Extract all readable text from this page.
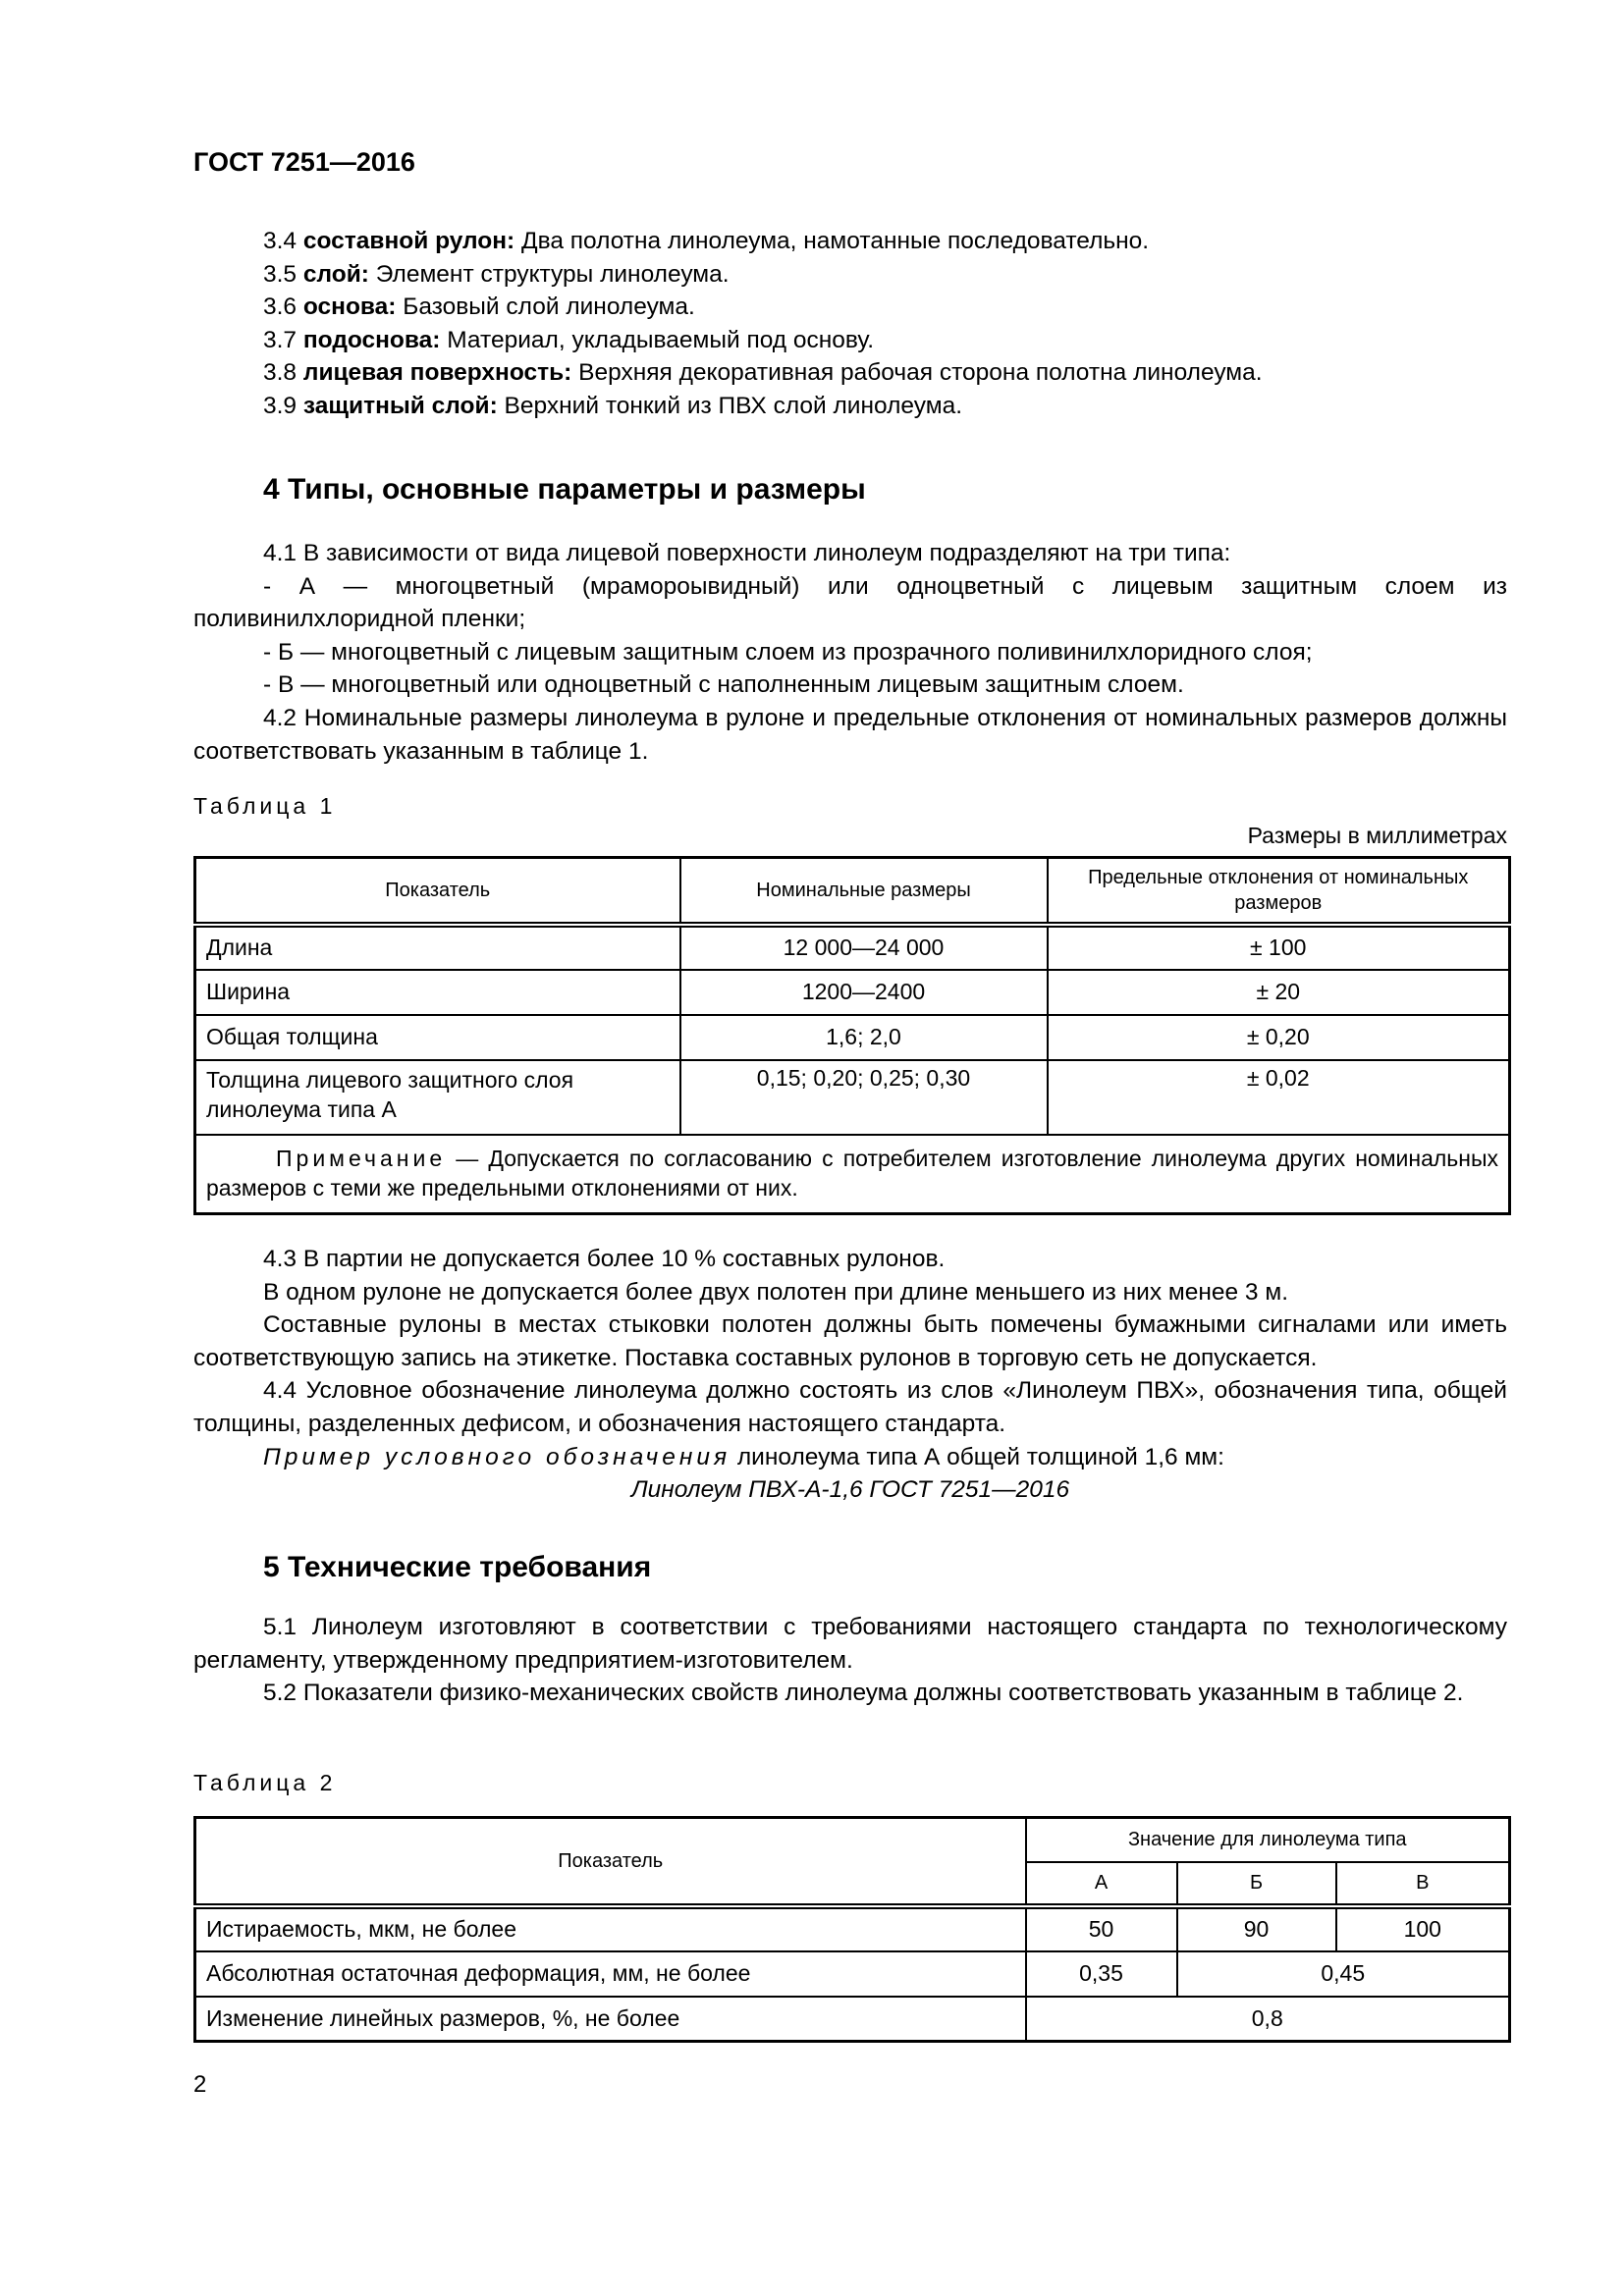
ГОСТ 7251—2016

3.4 составной рулон: Два полотна линолеума, намотанные последовательно.

3.5 слой: Элемент структуры линолеума.

3.6 основа: Базовый слой линолеума.

3.7 подоснова: Материал, укладываемый под основу.

3.8 лицевая поверхность: Верхняя декоративная рабочая сторона полотна линолеума.

3.9 защитный слой: Верхний тонкий из ПВХ слой линолеума.

4 Типы, основные параметры и размеры

4.1 В зависимости от вида лицевой поверхности линолеум подразделяют на три типа:

- А — многоцветный (мрамороывидный) или одноцветный с лицевым защитным слоем из поливинилхлоридной пленки;

- Б — многоцветный с лицевым защитным слоем из прозрачного поливинилхлоридного слоя;

- В — многоцветный или одноцветный с наполненным лицевым защитным слоем.

4.2 Номинальные размеры линолеума в рулоне и предельные отклонения от номинальных размеров должны соответствовать указанным в таблице 1.

Таблица 1
Размеры в миллиметрах
Показатель	Номинальные размеры	Предельные отклонения от номинальных размеров
Длина	12 000—24 000	± 100
Ширина	1200—2400	± 20
Общая толщина	1,6; 2,0	± 0,20
Толщина лицевого защитного слоя линолеума типа А	0,15; 0,20; 0,25; 0,30	± 0,02
Примечание — Допускается по согласованию с потребителем изготовление линолеума других номинальных размеров с теми же предельными отклонениями от них.		

4.3 В партии не допускается более 10 % составных рулонов.

В одном рулоне не допускается более двух полотен при длине меньшего из них менее 3 м.

Составные рулоны в местах стыковки полотен должны быть помечены бумажными сигналами или иметь соответствующую запись на этикетке. Поставка составных рулонов в торговую сеть не допускается.

4.4 Условное обозначение линолеума должно состоять из слов «Линолеум ПВХ», обозначения типа, общей толщины, разделенных дефисом, и обозначения настоящего стандарта.

Пример условного обозначения линолеума типа А общей толщиной 1,6 мм:

Линолеум ПВХ-А-1,6 ГОСТ 7251—2016

5 Технические требования

5.1 Линолеум изготовляют в соответствии с требованиями настоящего стандарта по технологическому регламенту, утвержденному предприятием-изготовителем.

5.2 Показатели физико-механических свойств линолеума должны соответствовать указанным в таблице 2.

Таблица 2
Показатель	Значение для линолеума типа		
	А	Б	В
Истираемость, мкм, не более	50	90	100
Абсолютная остаточная деформация, мм, не более	0,35	0,45	
Изменение линейных размеров, %, не более	0,8		
2
